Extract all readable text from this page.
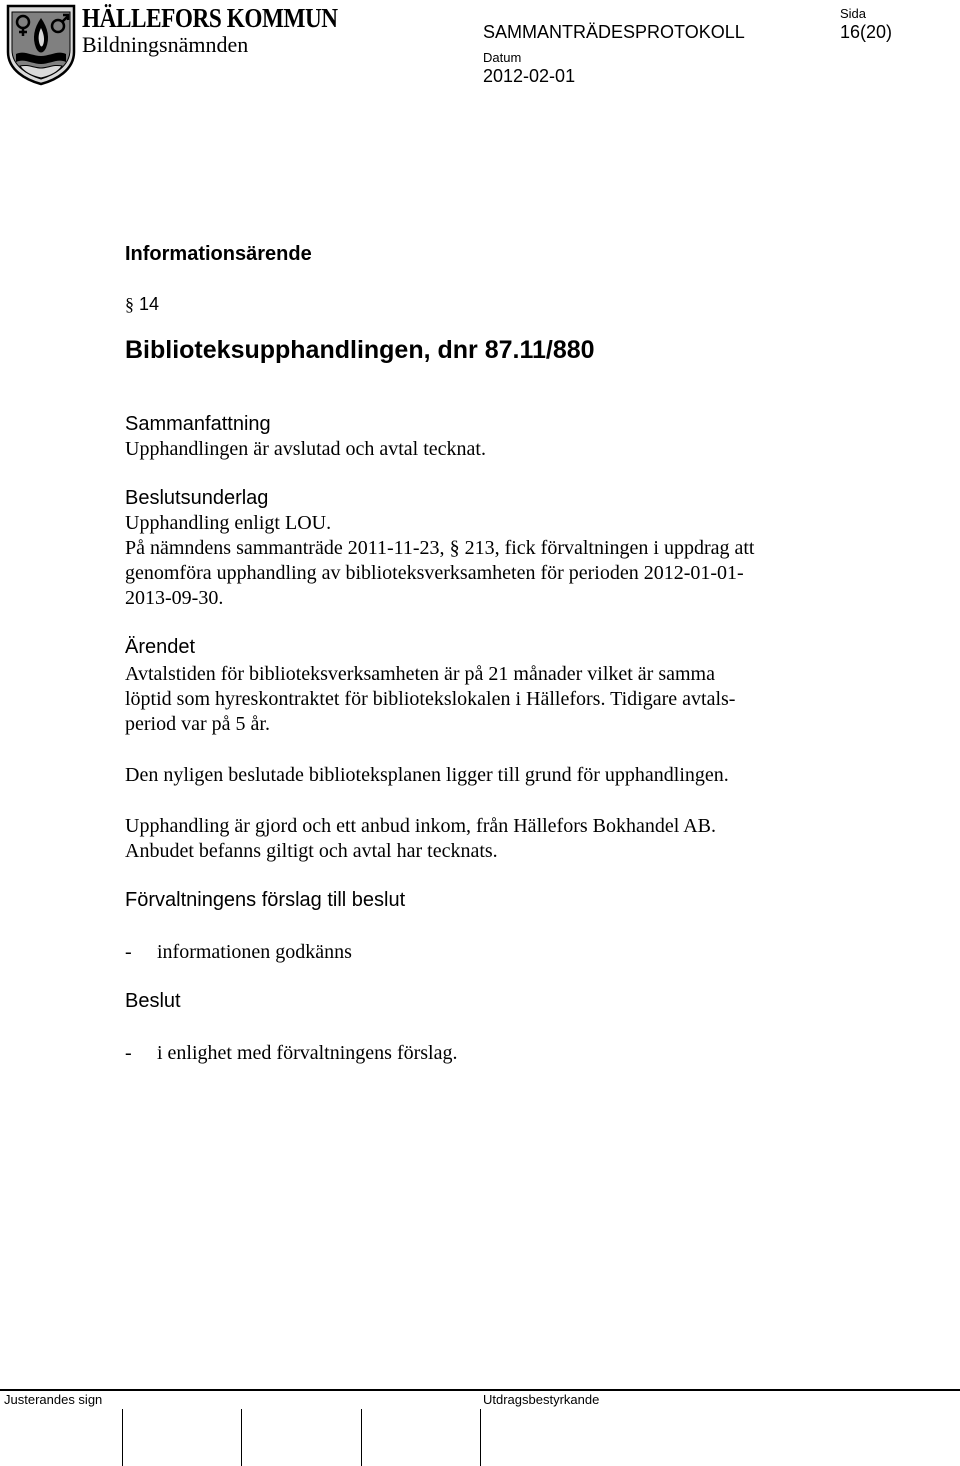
HÄLLEFORS KOMMUN
Bildningsnämnden	SAMMANTRÄDESPROTOKOLL
Sida
16(20)
Datum
2012-02-01
Informationsärende
§ 14
Biblioteksupphandlingen, dnr 87.11/880
Sammanfattning
Upphandlingen är avslutad och avtal tecknat.
Beslutsunderlag
Upphandling enligt LOU.
På nämndens sammanträde 2011-11-23, § 213, fick förvaltningen i uppdrag att
genomföra upphandling av biblioteksverksamheten för perioden 2012-01-01-
2013-09-30.
Ärendet
Avtalstiden för biblioteksverksamheten är på 21 månader vilket är samma
löptid som hyreskontraktet för bibliotekslokalen i Hällefors. Tidigare avtals-
period var på 5 år.
Den nyligen beslutade biblioteksplanen ligger till grund för upphandlingen.
Upphandling är gjord och ett anbud inkom, från Hällefors Bokhandel AB.
Anbudet befanns giltigt och avtal har tecknats.
Förvaltningens förslag till beslut
-	informationen godkänns
Beslut
-	i enlighet med förvaltningens förslag.
Justerandes sign	Utdragsbestyrkande
